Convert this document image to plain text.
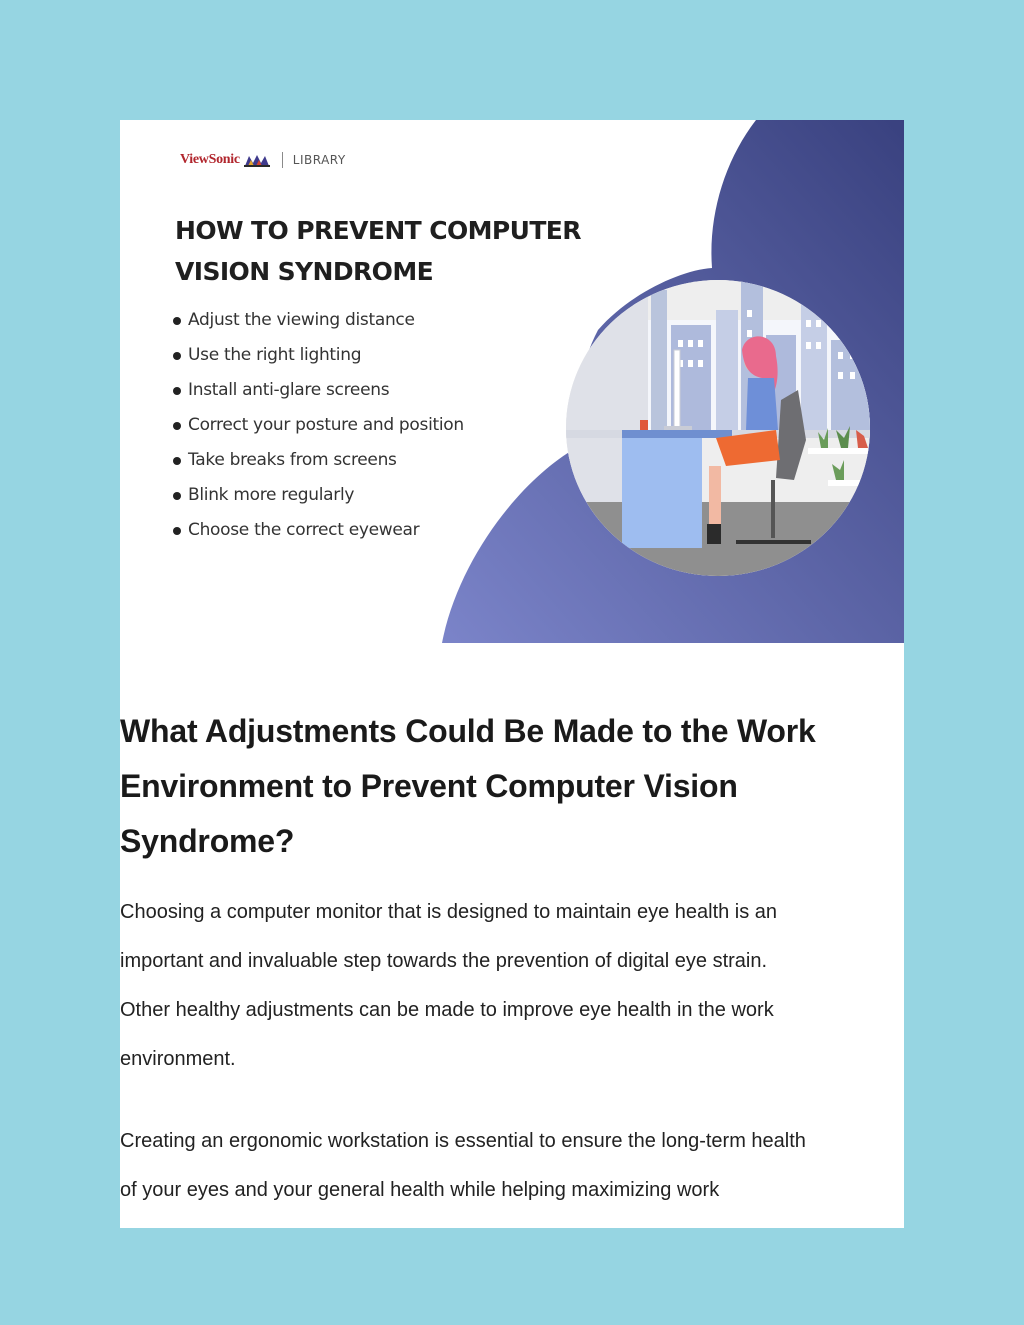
ViewSonic	LIBRARY
HOW TO PREVENT COMPUTER
VISION SYNDROME
Adjust the viewing distance
Use the right lighting
Install anti-glare screens
Correct your posture and position
Take breaks from screens
Blink more regularly
Choose the correct eyewear
What Adjustments Could Be Made to the Work
Environment to Prevent Computer Vision
Syndrome?

Choosing a computer monitor that is designed to maintain eye health is an
important and invaluable step towards the prevention of digital eye strain.
Other healthy adjustments can be made to improve eye health in the work
environment.

Creating an ergonomic workstation is essential to ensure the long-term health
of your eyes and your general health while helping maximizing work
